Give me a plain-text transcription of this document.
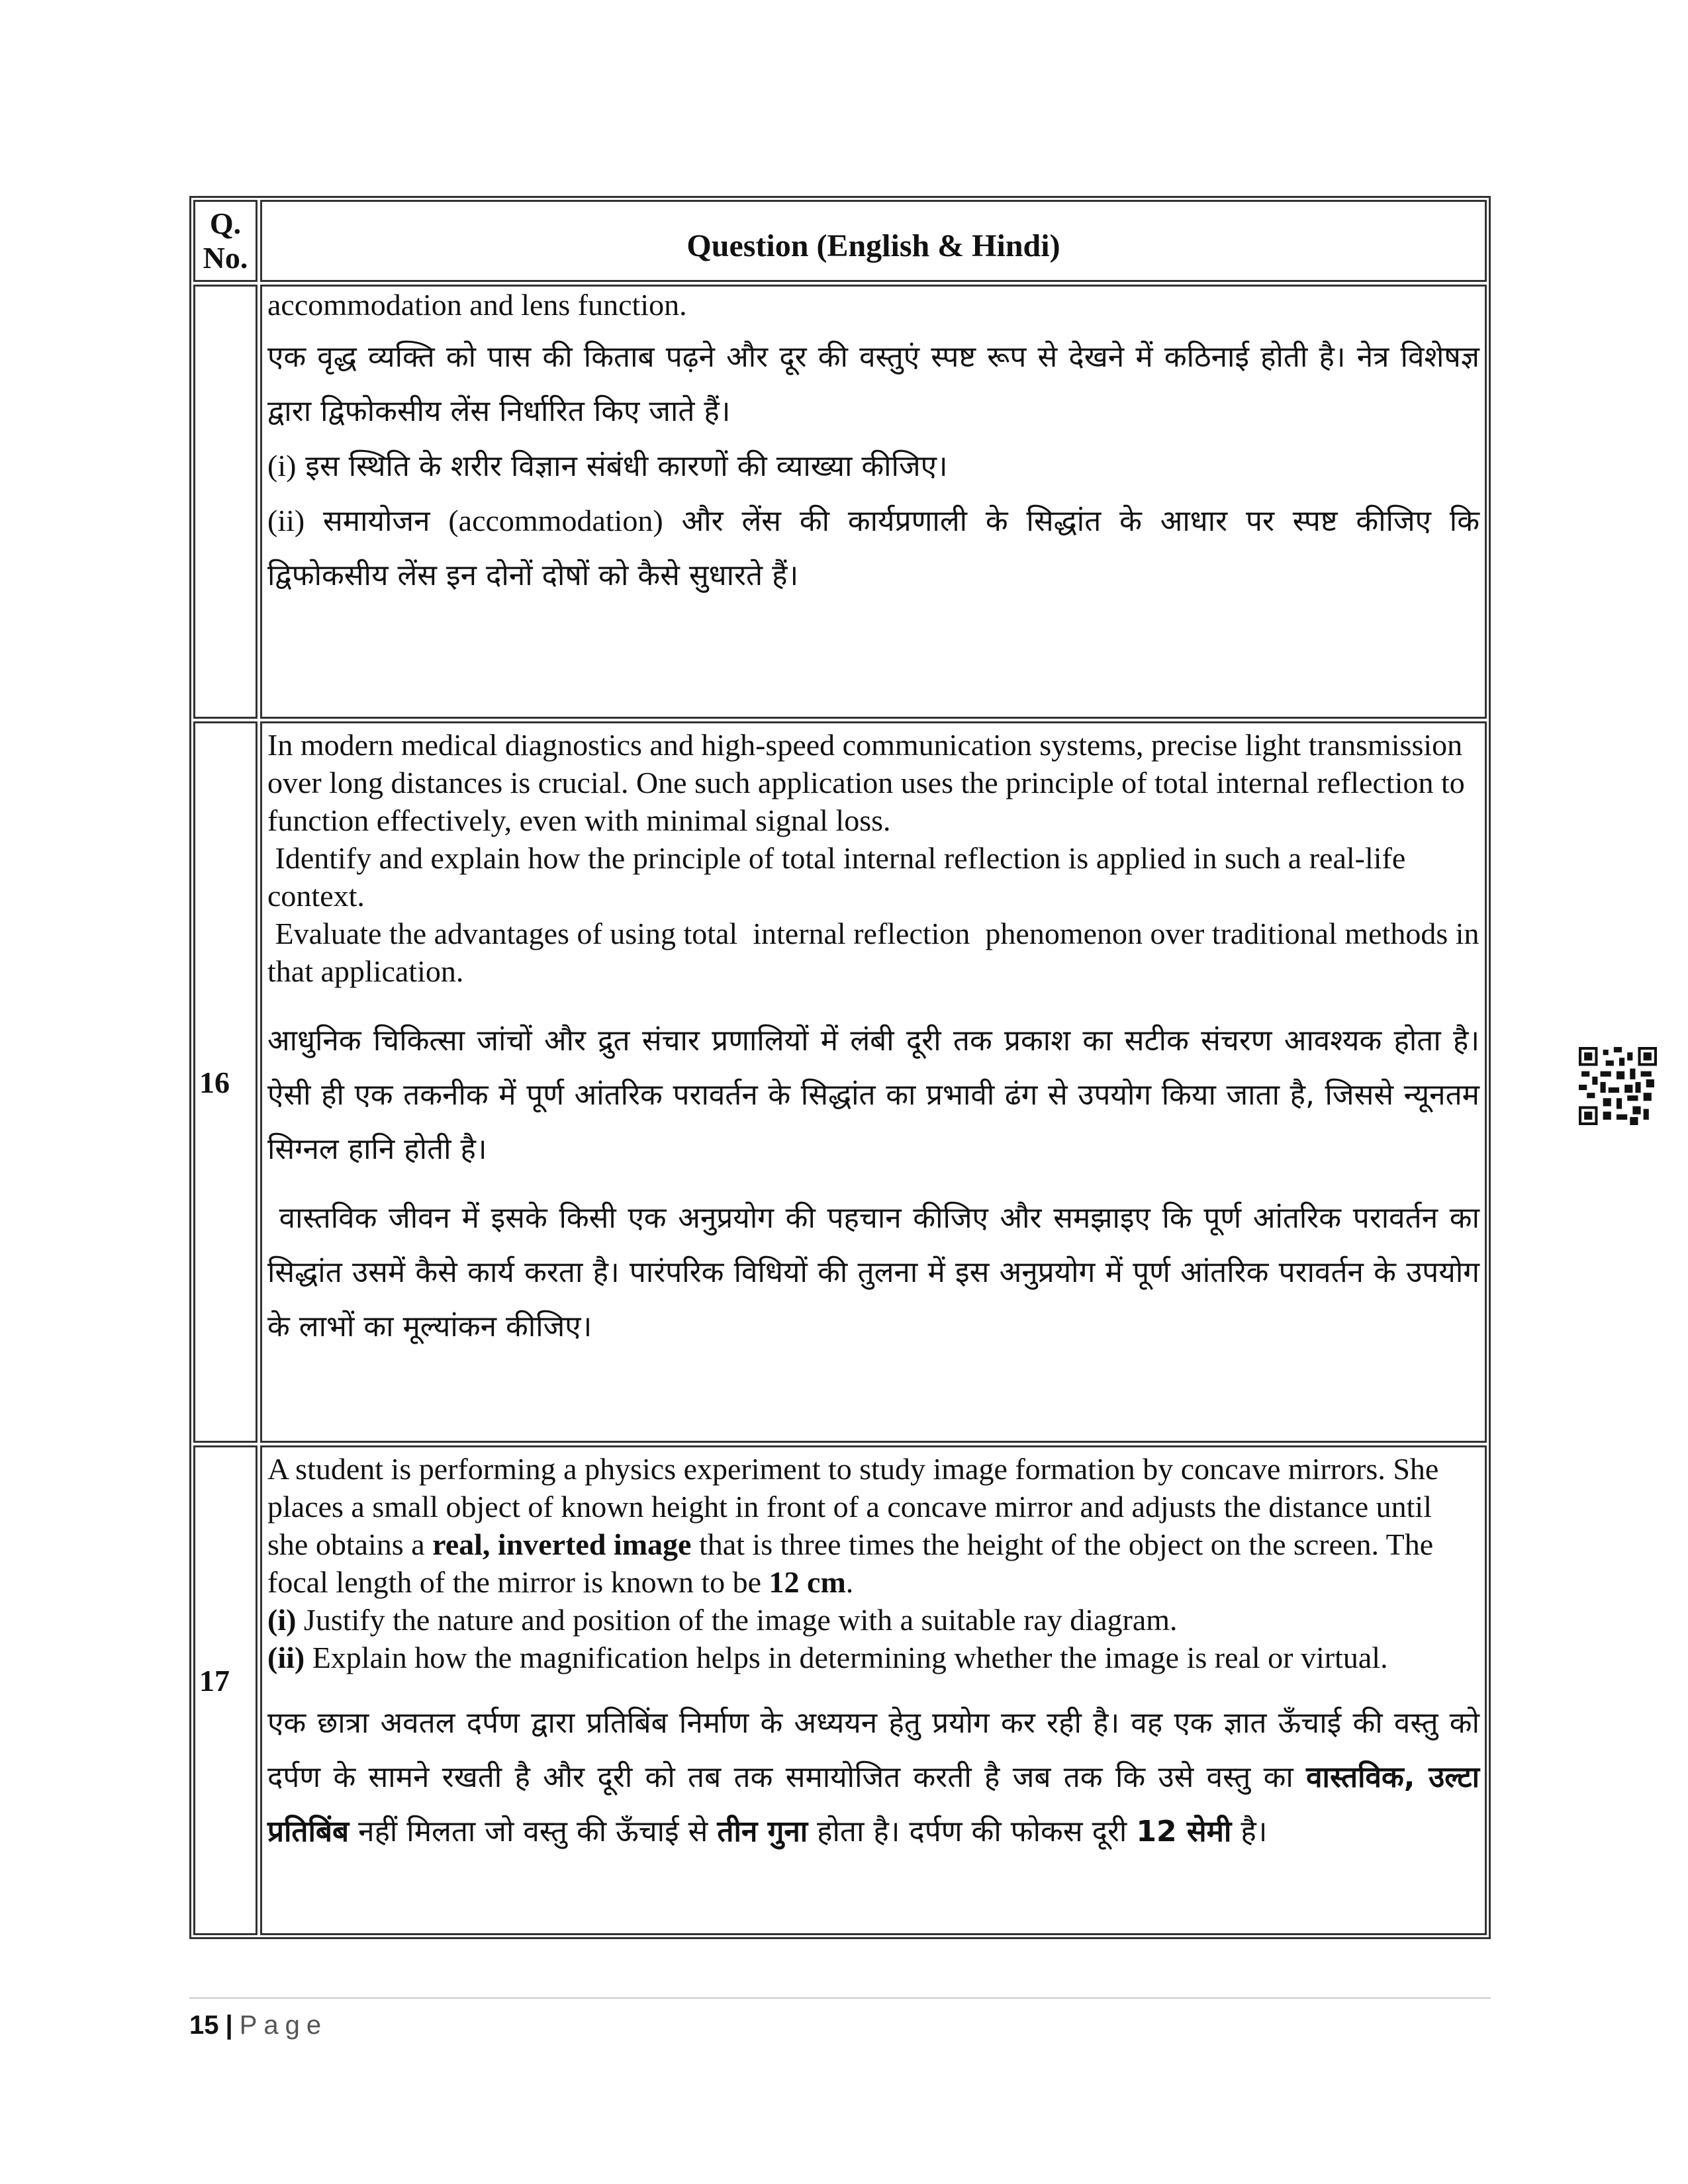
Q.
No.	Question (English & Hindi)

accommodation and lens function.

एक वृद्ध व्यक्ति को पास की किताब पढ़ने और दूर की वस्तुएं स्पष्ट रूप से देखने में कठिनाई होती है। नेत्र विशेषज्ञ द्वारा द्विफोकसीय लेंस निर्धारित किए जाते हैं।

(i) इस स्थिति के शरीर विज्ञान संबंधी कारणों की व्याख्या कीजिए।

(ii) समायोजन (accommodation) और लेंस की कार्यप्रणाली के सिद्धांत के आधार पर स्पष्ट कीजिए कि द्विफोकसीय लेंस इन दोनों दोषों को कैसे सुधारते हैं।

16

In modern medical diagnostics and high-speed communication systems, precise light transmission over long distances is crucial. One such application uses the principle of total internal reflection to function effectively, even with minimal signal loss.

Identify and explain how the principle of total internal reflection is applied in such a real-life context.

Evaluate the advantages of using total  internal reflection  phenomenon over traditional methods in that application.

आधुनिक चिकित्सा जांचों और द्रुत संचार प्रणालियों में लंबी दूरी तक प्रकाश का सटीक संचरण आवश्यक होता है। ऐसी ही एक तकनीक में पूर्ण आंतरिक परावर्तन के सिद्धांत का प्रभावी ढंग से उपयोग किया जाता है, जिससे न्यूनतम सिग्नल हानि होती है।

वास्तविक जीवन में इसके किसी एक अनुप्रयोग की पहचान कीजिए और समझाइए कि पूर्ण आंतरिक परावर्तन का सिद्धांत उसमें कैसे कार्य करता है। पारंपरिक विधियों की तुलना में इस अनुप्रयोग में पूर्ण आंतरिक परावर्तन के उपयोग के लाभों का मूल्यांकन कीजिए।

17

A student is performing a physics experiment to study image formation by concave mirrors. She places a small object of known height in front of a concave mirror and adjusts the distance until she obtains a real, inverted image that is three times the height of the object on the screen. The focal length of the mirror is known to be 12 cm.

(i) Justify the nature and position of the image with a suitable ray diagram.

(ii) Explain how the magnification helps in determining whether the image is real or virtual.

एक छात्रा अवतल दर्पण द्वारा प्रतिबिंब निर्माण के अध्ययन हेतु प्रयोग कर रही है। वह एक ज्ञात ऊँचाई की वस्तु को दर्पण के सामने रखती है और दूरी को तब तक समायोजित करती है जब तक कि उसे वस्तु का वास्तविक, उल्टा प्रतिबिंब नहीं मिलता जो वस्तु की ऊँचाई से तीन गुना होता है। दर्पण की फोकस दूरी 12 सेमी है।

15 | Page
